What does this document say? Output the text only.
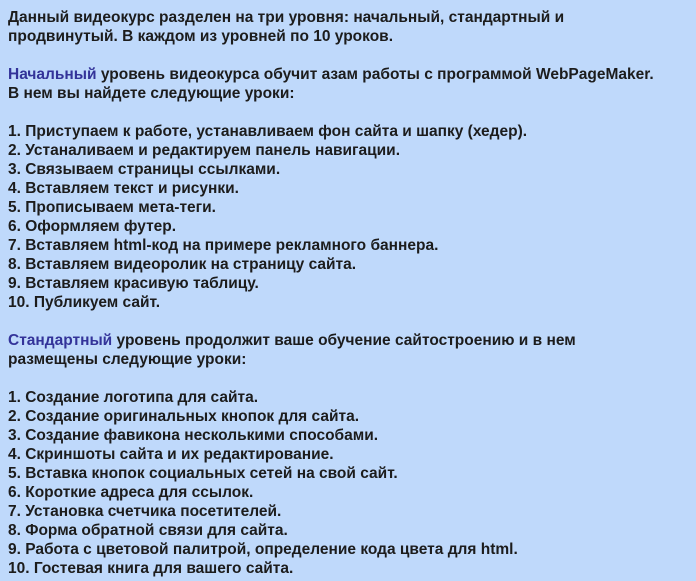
Данный видеокурс разделен на три уровня: начальный, стандартный и

продвинутый. В каждом из уровней по 10 уроков.

Начальный уровень видеокурса обучит азам работы с программой WebPageMaker.

В нем вы найдете следующие уроки:

1. Приступаем к работе, устанавливаем фон сайта и шапку (хедер).

2. Устаналиваем и редактируем панель навигации.

3. Связываем страницы ссылками.

4. Вставляем текст и рисунки.

5. Прописываем мета-теги.

6. Оформляем футер.

7. Вставляем html-код на примере рекламного баннера.

8. Вставляем видеоролик на страницу сайта.

9. Вставляем красивую таблицу.

10. Публикуем сайт.

Стандартный уровень продолжит ваше обучение сайтостроению и в нем

размещены следующие уроки:

1. Создание логотипа для сайта.

2. Создание оригинальных кнопок для сайта.

3. Создание фавикона несколькими способами.

4. Скриншоты сайта и их редактирование.

5. Вставка кнопок социальных сетей на свой сайт.

6. Короткие адреса для ссылок.

7. Установка счетчика посетителей.

8. Форма обратной связи для сайта.

9. Работа с цветовой палитрой, определение кода цвета для html.

10. Гостевая книга для вашего сайта.
